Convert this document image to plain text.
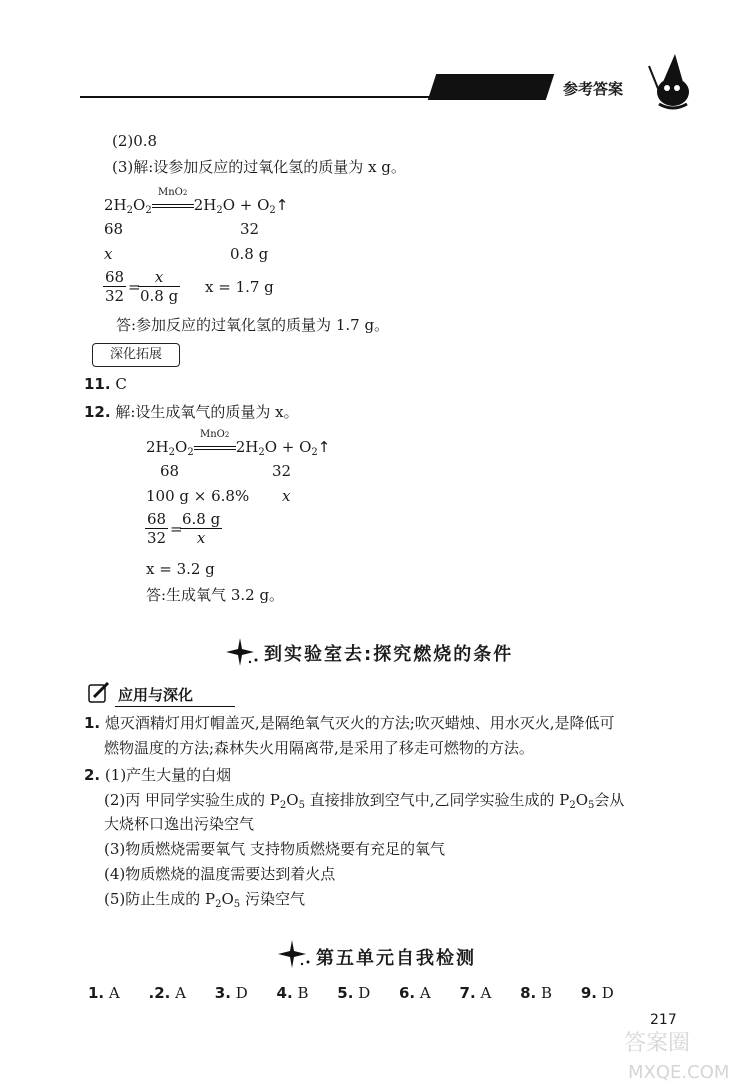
参考答案
(2)0.8
(3)解:设参加反应的过氧化氢的质量为 x g。
$2H_2O_2$
MnO2
$2H_2O$ + $O_2↑$
68	32
x	0.8 g
$\frac{68}{32}$ =
$\frac{x}{0.8 g}$ x = 1.7 g
答:参加反应的过氧化氢的质量为 1.7 g。
深化拓展
11. C
12. 解:设生成氧气的质量为 x。
$2H_2O_2$
MnO2
$2H_2O$ + $O_2↑$
68	32
100 g × 6.8% x
$\frac{68}{32}$ =
$\frac{6.8 g}{x}$
x = 3.2 g
答:生成氧气 3.2 g。
到实验室去:探究燃烧的条件
应用与深化
1. 熄灭酒精灯用灯帽盖灭,是隔绝氧气灭火的方法;吹灭蜡烛、用水灭火,是降低可
燃物温度的方法;森林失火用隔离带,是采用了移走可燃物的方法。
2. (1)产生大量的白烟
(2)丙 甲同学实验生成的 $P_2O_5$ 直接排放到空气中,乙同学实验生成的 $P_2O_5$会从
大烧杯口逸出污染空气
(3)物质燃烧需要氧气 支持物质燃烧要有充足的氧气
(4)物质燃烧的温度需要达到着火点
(5)防止生成的 $P_2O_5$ 污染空气
第五单元自我检测
1. A .2. A 3. D 4. B 5. D 6. A 7. A 8. B 9. D
217
答案圈
MXQE.COM
